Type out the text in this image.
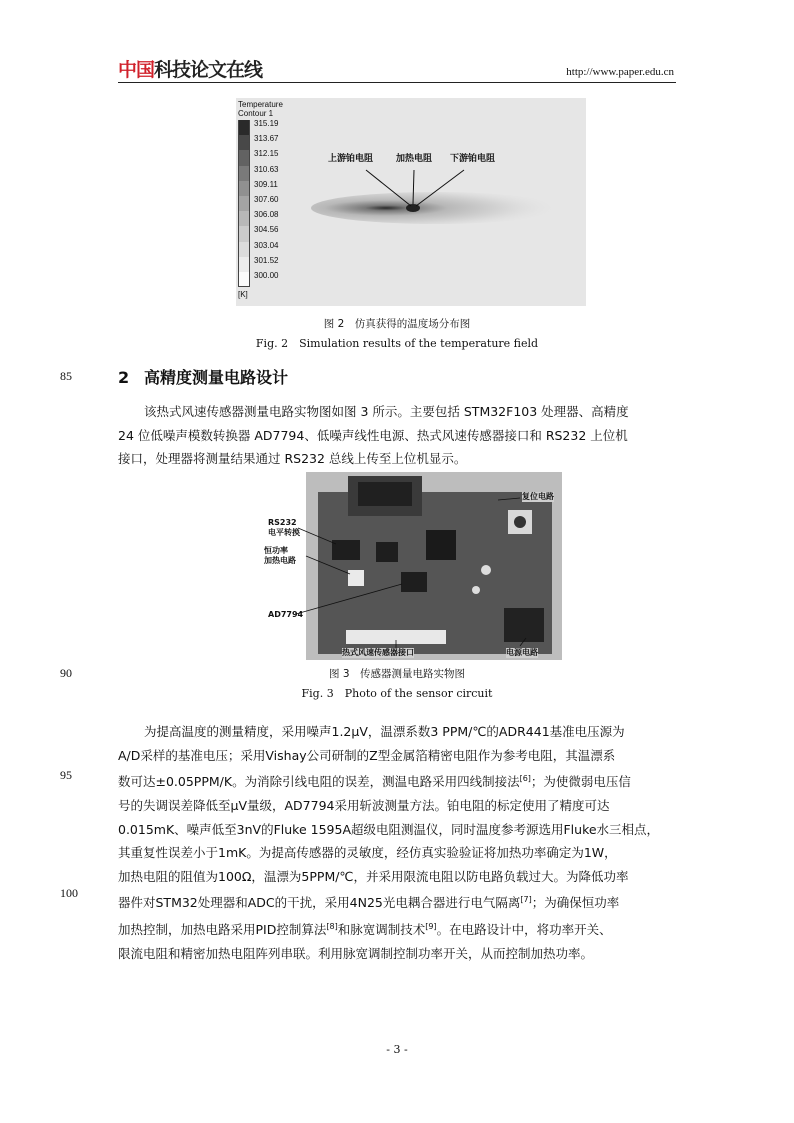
中国科技论文在线	http://www.paper.edu.cn
Temperature
Contour 1
315.19
313.67
312.15
310.63
309.11
307.60
306.08
304.56
303.04
301.52
300.00
[K]
上游铂电阻	加热电阻 下游铂电阻
图 2　仿真获得的温度场分布图
Fig. 2　Simulation results of the temperature field
85	2 高精度测量电路设计
该热式风速传感器测量电路实物图如图 3 所示。主要包括 STM32F103 处理器、高精度
24 位低噪声模数转换器 AD7794、低噪声线性电源、热式风速传感器接口和 RS232 上位机
接口，处理器将测量结果通过 RS232 总线上传至上位机显示。
RS232
电平转换
恒功率
加热电路
AD7794
复位电路
热式风速传感器接口	电源电路
90	图 3　传感器测量电路实物图
Fig. 3　Photo of the sensor circuit
95
100
为提高温度的测量精度，采用噪声1.2μV，温漂系数3 PPM/℃的ADR441基准电压源为
A/D采样的基准电压；采用Vishay公司研制的Z型金属箔精密电阻作为参考电阻，其温漂系
数可达±0.05PPM/K。为消除引线电阻的误差，测温电路采用四线制接法[6]；为使微弱电压信
号的失调误差降低至μV量级，AD7794采用斩波测量方法。铂电阻的标定使用了精度可达
0.015mK、噪声低至3nV的Fluke 1595A超级电阻测温仪，同时温度参考源选用Fluke水三相点，
其重复性误差小于1mK。为提高传感器的灵敏度，经仿真实验验证将加热功率确定为1W，
加热电阻的阻值为100Ω，温漂为5PPM/℃，并采用限流电阻以防电路负载过大。为降低功率
器件对STM32处理器和ADC的干扰，采用4N25光电耦合器进行电气隔离[7]；为确保恒功率
加热控制，加热电路采用PID控制算法[8]和脉宽调制技术[9]。在电路设计中，将功率开关、
限流电阻和精密加热电阻阵列串联。利用脉宽调制控制功率开关，从而控制加热功率。
- 3 -
